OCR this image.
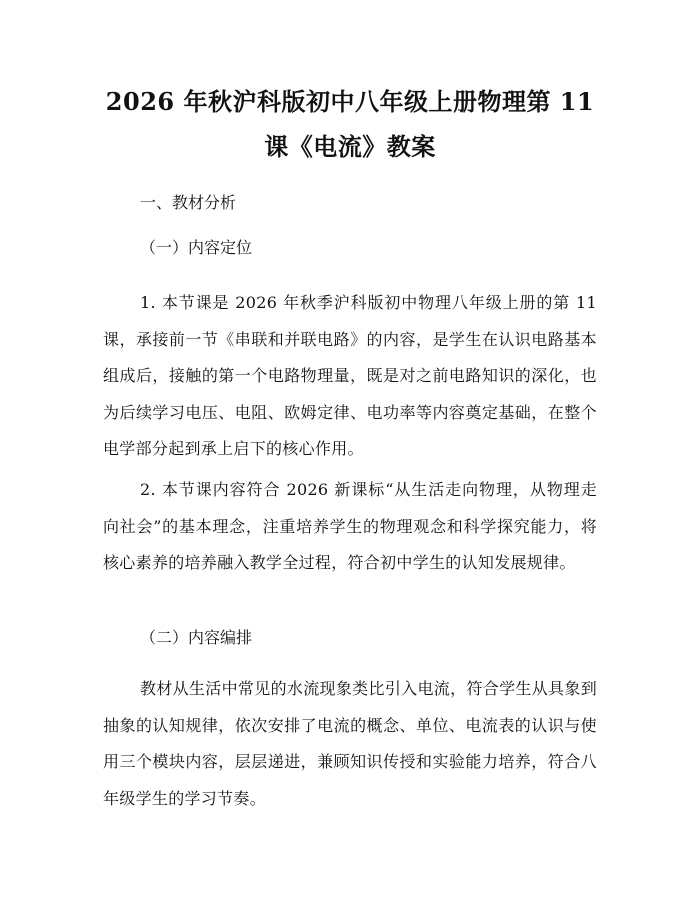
2026 年秋沪科版初中八年级上册物理第 11
课《电流》教案
一、教材分析
（一）内容定位

1. 本节课是 2026 年秋季沪科版初中物理八年级上册的第 11 课，承接前一节《串联和并联电路》的内容，是学生在认识电路基本组成后，接触的第一个电路物理量，既是对之前电路知识的深化，也为后续学习电压、电阻、欧姆定律、电功率等内容奠定基础，在整个电学部分起到承上启下的核心作用。

2. 本节课内容符合 2026 新课标“从生活走向物理，从物理走向社会”的基本理念，注重培养学生的物理观念和科学探究能力，将核心素养的培养融入教学全过程，符合初中学生的认知发展规律。

（二）内容编排

教材从生活中常见的水流现象类比引入电流，符合学生从具象到抽象的认知规律，依次安排了电流的概念、单位、电流表的认识与使用三个模块内容，层层递进，兼顾知识传授和实验能力培养，符合八年级学生的学习节奏。
